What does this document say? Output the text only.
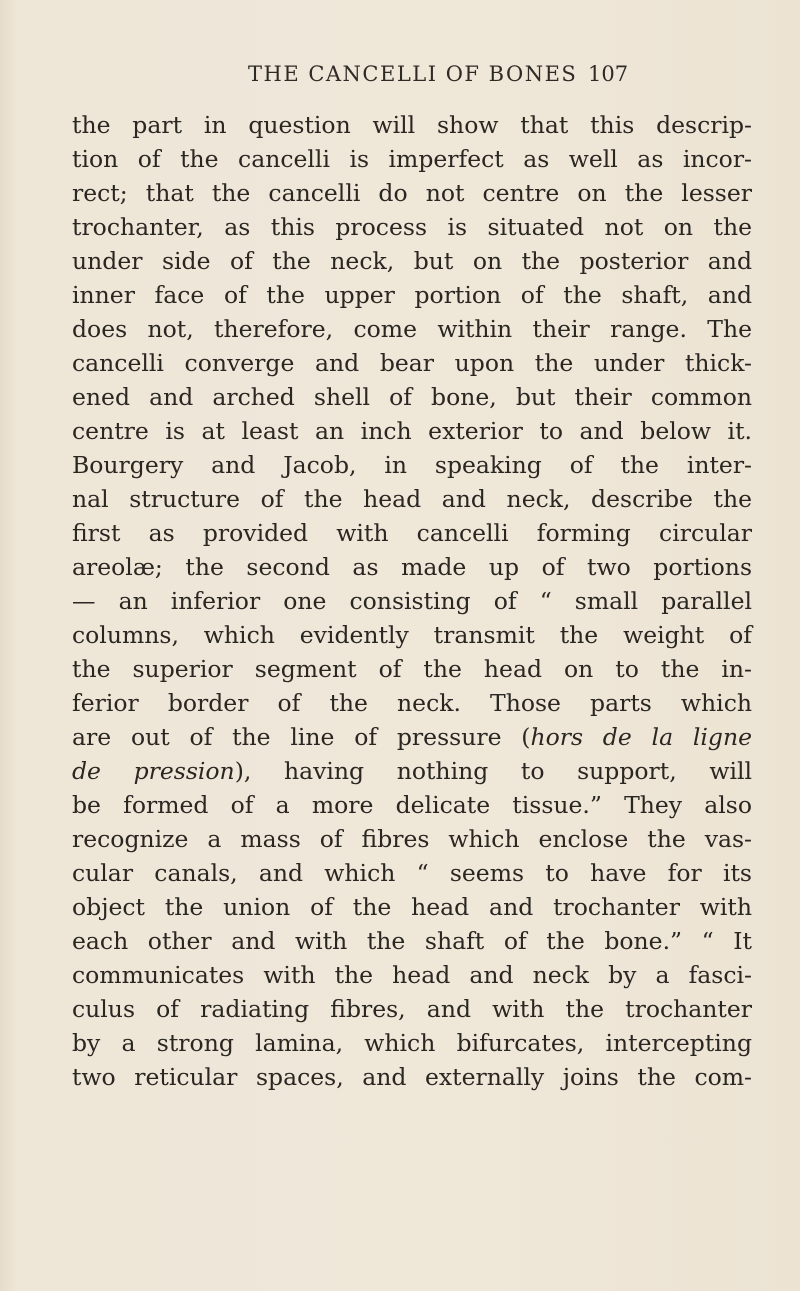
THE CANCELLI OF BONES 107
the part in question will show that this descrip-
tion of the cancelli is imperfect as well as incor-
rect; that the cancelli do not centre on the lesser
trochanter, as this process is situated not on the
under side of the neck, but on the posterior and
inner face of the upper portion of the shaft, and
does not, therefore, come within their range. The
cancelli converge and bear upon the under thick-
ened and arched shell of bone, but their common
centre is at least an inch exterior to and below it.
Bourgery and Jacob, in speaking of the inter-
nal structure of the head and neck, describe the
first as provided with cancelli forming circular
areolæ; the second as made up of two portions
— an inferior one consisting of “ small parallel
columns, which evidently transmit the weight of
the superior segment of the head on to the in-
ferior border of the neck. Those parts which
are out of the line of pressure (hors de la ligne
de pression), having nothing to support, will
be formed of a more delicate tissue.” They also
recognize a mass of fibres which enclose the vas-
cular canals, and which “ seems to have for its
object the union of the head and trochanter with
each other and with the shaft of the bone.” “ It
communicates with the head and neck by a fasci-
culus of radiating fibres, and with the trochanter
by a strong lamina, which bifurcates, intercepting
two reticular spaces, and externally joins the com-
